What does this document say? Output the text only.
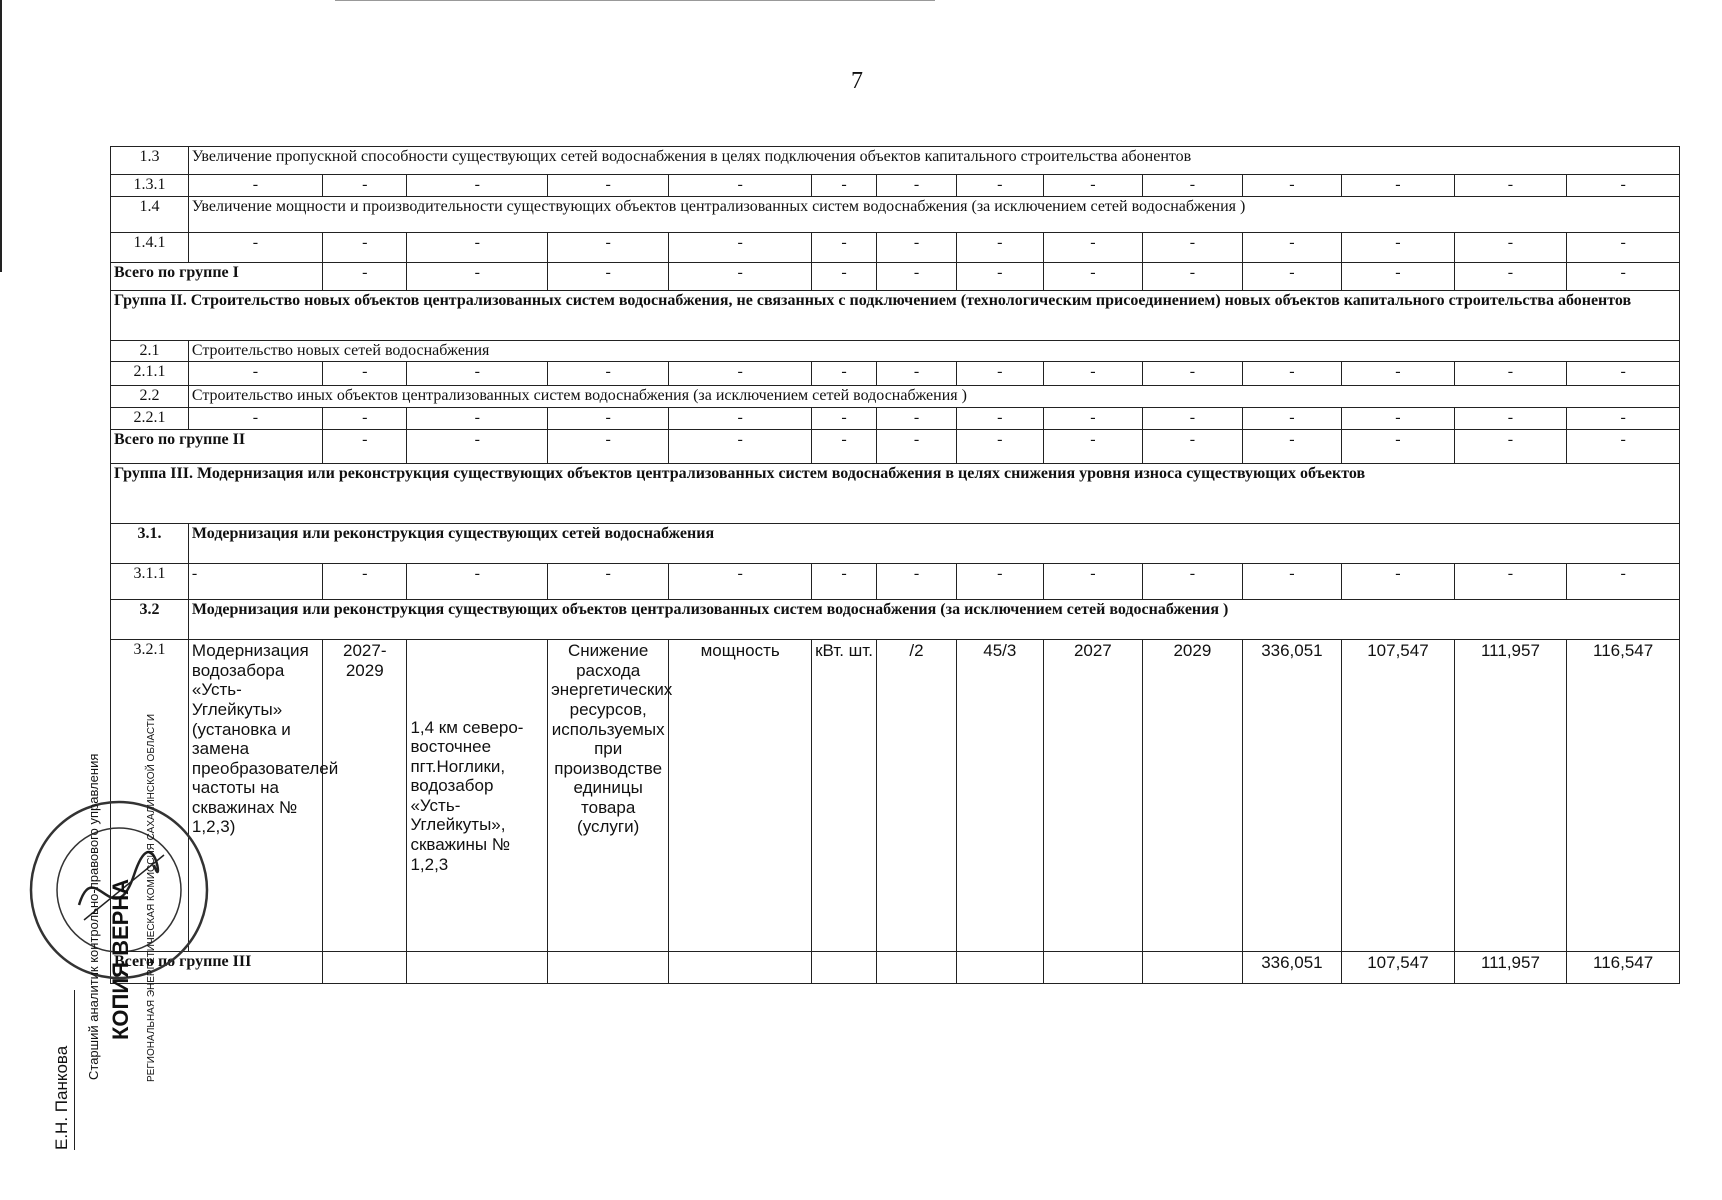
7
1.3	Увеличение пропускной способности существующих сетей водоснабжения в целях подключения объектов капитального строительства абонентов													
1.3.1	-	-	-	-	-	-	-	-	-	-	-	-	-	-
1.4	Увеличение мощности и производительности существующих объектов централизованных систем водоснабжения (за исключением сетей водоснабжения )													
1.4.1	-	-	-	-	-	-	-	-	-	-	-	-	-	-
Всего по группе I		-	-	-	-	-	-	-	-	-	-	-	-	-
Группа II. Строительство новых объектов централизованных систем водоснабжения, не связанных с подключением (технологическим присоединением) новых объектов капитального строительства абонентов														
2.1	Строительство новых сетей водоснабжения													
2.1.1	-	-	-	-	-	-	-	-	-	-	-	-	-	-
2.2	Строительство иных объектов централизованных систем водоснабжения (за исключением сетей водоснабжения )													
2.2.1	-	-	-	-	-	-	-	-	-	-	-	-	-	-
Всего по группе II		-	-	-	-	-	-	-	-	-	-	-	-	-
Группа III. Модернизация или реконструкция существующих объектов централизованных систем водоснабжения в целях снижения уровня износа существующих объектов														
3.1.	Модернизация или реконструкция существующих сетей водоснабжения													
3.1.1	-	-	-	-	-	-	-	-	-	-	-	-	-	-
3.2	Модернизация или реконструкция существующих объектов централизованных систем водоснабжения (за исключением сетей водоснабжения )													
3.2.1	Модернизация водозабора «Усть-Углейкуты» (установка и замена преобразователей частоты на скважинах № 1,2,3)	2027-2029	1,4 км северо-восточнее пгт.Ноглики, водозабор «Усть-Углейкуты», скважины № 1,2,3	Снижение расхода энергетических ресурсов, используемых при производстве единицы товара (услуги)	мощность	кВт. шт.	/2	45/3	2027	2029	336,051	107,547	111,957	116,547
Всего по группе III											336,051	107,547	111,957	116,547
КОПИЯ ВЕРНА
Старший аналитик контрольно-правового управления	РЕГИОНАЛЬНАЯ ЭНЕРГЕТИЧЕСКАЯ КОМИССИЯ САХАЛИНСКОЙ ОБЛАСТИ
Е.Н. Панкова
